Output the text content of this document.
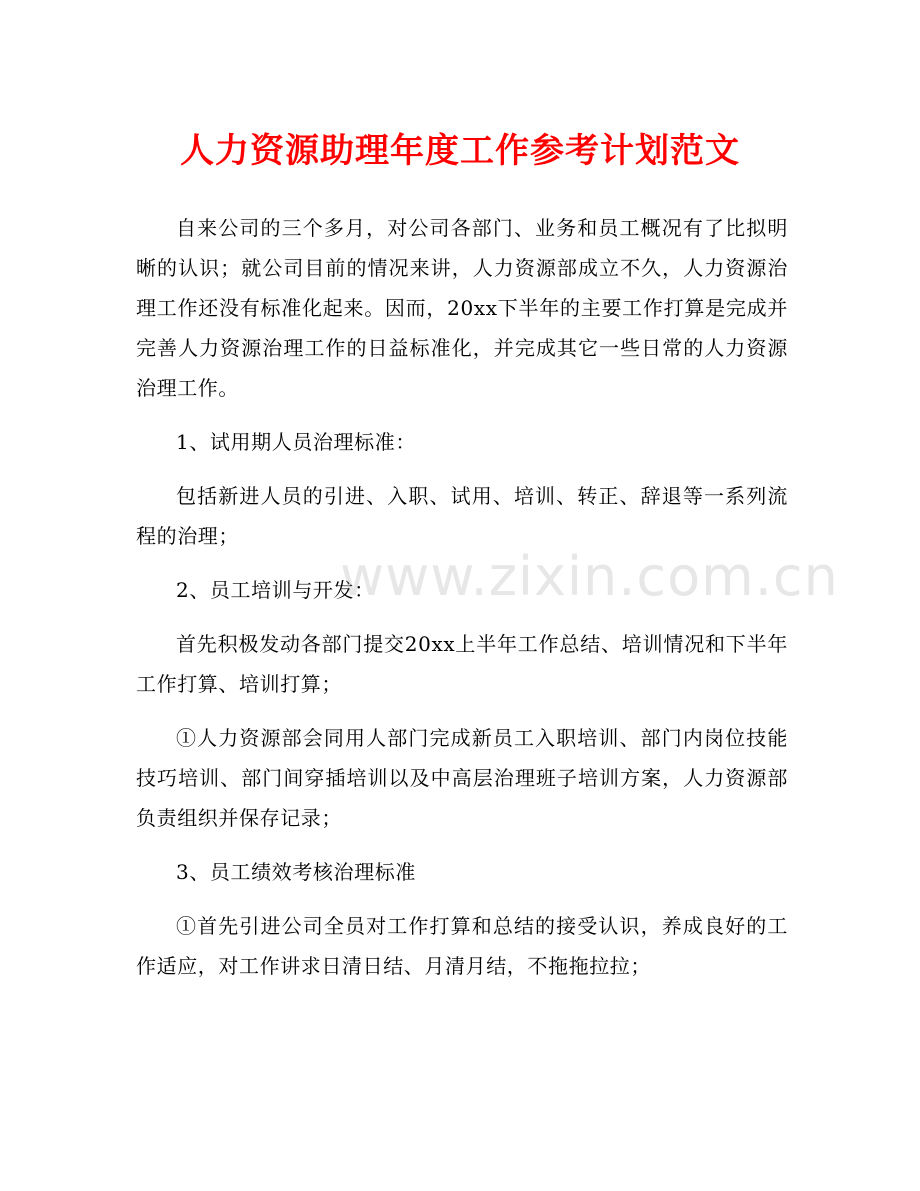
人力资源助理年度工作参考计划范文

自来公司的三个多月，对公司各部门、业务和员工概况有了比拟明晰的认识；就公司目前的情况来讲，人力资源部成立不久，人力资源治理工作还没有标准化起来。因而，20xx下半年的主要工作打算是完成并完善人力资源治理工作的日益标准化，并完成其它一些日常的人力资源治理工作。

1、试用期人员治理标准：

包括新进人员的引进、入职、试用、培训、转正、辞退等一系列流程的治理；

2、员工培训与开发：

首先积极发动各部门提交20xx上半年工作总结、培训情况和下半年工作打算、培训打算；

①人力资源部会同用人部门完成新员工入职培训、部门内岗位技能技巧培训、部门间穿插培训以及中高层治理班子培训方案，人力资源部负责组织并保存记录；

3、员工绩效考核治理标准

①首先引进公司全员对工作打算和总结的接受认识，养成良好的工作适应，对工作讲求日清日结、月清月结，不拖拖拉拉；

www.zixin.com.cn
